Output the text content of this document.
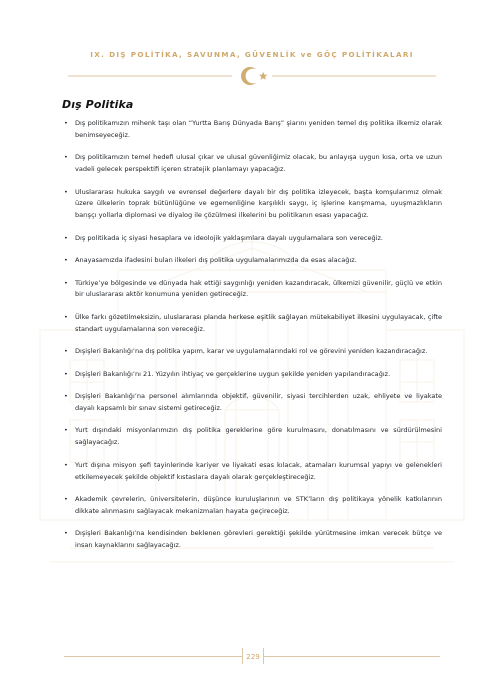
IX. DIŞ POLİTİKA, SAVUNMA, GÜVENLİK ve GÖÇ POLİTİKALARI
Dış Politika
• Dış politikamızın mihenk taşı olan “Yurtta Barış Dünyada Barış” şiarını yeniden temel dış politika ilkemiz olarak benimseyeceğiz.
• Dış politikamızın temel hedefi ulusal çıkar ve ulusal güvenliğimiz olacak, bu anlayışa uygun kısa, orta ve uzun vadeli gelecek perspektifi içeren stratejik planlamayı yapacağız.
• Uluslararası hukuka saygılı ve evrensel değerlere dayalı bir dış politika izleyecek, başta komşularımız olmak üzere ülkelerin toprak bütünlüğüne ve egemenliğine karşılıklı saygı, iç işlerine karışmama, uyuşmazlıkların barışçı yollarla diplomasi ve diyalog ile çözülmesi ilkelerini bu politikanın esası yapacağız.
• Dış politikada iç siyasi hesaplara ve ideolojik yaklaşımlara dayalı uygulamalara son vereceğiz.
• Anayasamızda ifadesini bulan ilkeleri dış politika uygulamalarımızda da esas alacağız.
• Türkiye’ye bölgesinde ve dünyada hak ettiği saygınlığı yeniden kazandıracak, ülkemizi güvenilir, güçlü ve etkin bir uluslararası aktör konumuna yeniden getireceğiz.
• Ülke farkı gözetilmeksizin, uluslararası planda herkese eşitlik sağlayan mütekabiliyet ilkesini uygulayacak, çifte standart uygulamalarına son vereceğiz.
• Dışişleri Bakanlığı’na dış politika yapım, karar ve uygulamalarındaki rol ve görevini yeniden kazandıracağız.
• Dışişleri Bakanlığı’nı 21. Yüzyılın ihtiyaç ve gerçeklerine uygun şekilde yeniden yapılandıracağız.
• Dışişleri Bakanlığı’na personel alımlarında objektif, güvenilir, siyasi tercihlerden uzak, ehliyete ve liyakate dayalı kapsamlı bir sınav sistemi getireceğiz.
• Yurt dışındaki misyonlarımızın dış politika gereklerine göre kurulmasını, donatılmasını ve sürdürülmesini sağlayacağız.
• Yurt dışına misyon şefi tayinlerinde kariyer ve liyakati esas kılacak, atamaları kurumsal yapıyı ve gelenekleri etkilemeyecek şekilde objektif kıstaslara dayalı olarak gerçekleştireceğiz.
• Akademik çevrelerin, üniversitelerin, düşünce kuruluşlarının ve STK’ların dış politikaya yönelik katkılarının dikkate alınmasını sağlayacak mekanizmaları hayata geçireceğiz.
• Dışişleri Bakanlığı’na kendisinden beklenen görevleri gerektiği şekilde yürütmesine imkan verecek bütçe ve insan kaynaklarını sağlayacağız.
229
